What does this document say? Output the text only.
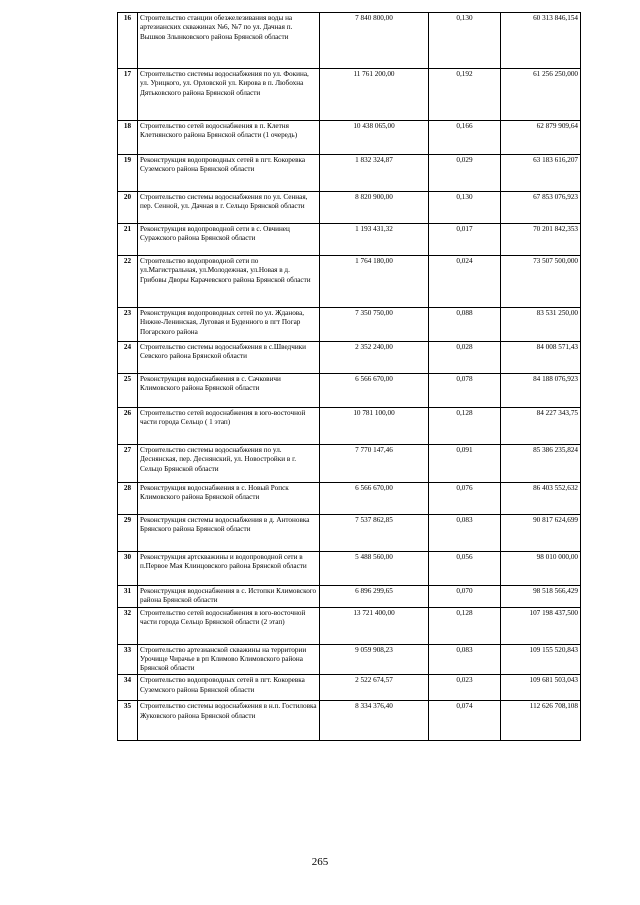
16	Строительство станции обезжелезивания воды на артезианских скважинах №6, №7 по ул. Дачная п. Вышков Злынковского района Брянской области	7 840 800,00	0,130	60 313 846,154
17	Строительство системы водоснабжения по ул. Фокина, ул. Урицкого, ул. Орловской ул. Кирова в п. Любохна Дятьковского района Брянской области	11 761 200,00	0,192	61 256 250,000
18	Строительство сетей водоснабжения в п. Клетня Клетнянского района Брянской области (1 очередь)	10 438 065,00	0,166	62 879 909,64
19	Реконструкция водопроводных сетей в пгт. Кокоревка Суземского района Брянской области	1 832 324,87	0,029	63 183 616,207
20	Строительство системы водоснабжения по ул. Сенная, пер. Сенной, ул. Дачная в г. Сельцо Брянской области	8 820 900,00	0,130	67 853 076,923
21	Реконструкция водопроводной сети в с. Овчинец Суражского района Брянской области	1 193 431,32	0,017	70 201 842,353
22	Строительство водопроводной сети по ул.Магистральная, ул.Молодежная, ул.Новая в д. Грибовы Дворы Карачевского района Брянской области	1 764 180,00	0,024	73 507 500,000
23	Реконструкция водопроводных сетей по ул. Жданова, Нижне-Ленинская, Луговая и Буденного в пгт Погар Погарского района	7 350 750,00	0,088	83 531 250,00
24	Строительство системы водоснабжения в с.Шведчики Севского района Брянской области	2 352 240,00	0,028	84 008 571,43
25	Реконструкция водоснабжения в с. Сачковичи Климовского района Брянской области	6 566 670,00	0,078	84 188 076,923
26	Строительство сетей водоснабжения в юго-восточной части города Сельцо ( 1 этап)	10 781 100,00	0,128	84 227 343,75
27	Строительство системы водоснабжения по ул. Деснянская, пер. Деснянский, ул. Новостройки в г. Сельцо Брянской области	7 770 147,46	0,091	85 386 235,824
28	Реконструкция водоснабжения в с. Новый Ропск Климовского района Брянской области	6 566 670,00	0,076	86 403 552,632
29	Реконструкция системы водоснабжения в д. Антоновка Брянского района Брянской области	7 537 862,85	0,083	90 817 624,699
30	Реконструкция артскважины и водопроводной сети в п.Первое Мая Клинцовского района Брянской области	5 488 560,00	0,056	98 010 000,00
31	Реконструкция водоснабжения в с. Истопки Климовского района Брянской области	6 896 299,65	0,070	98 518 566,429
32	Строительство сетей водоснабжения в юго-восточной части города Сельцо Брянской области (2 этап)	13 721 400,00	0,128	107 198 437,500
33	Строительство артезианской скважины на территории Урочище Чирачье в рп Климово Климовского района Брянской области	9 059 908,23	0,083	109 155 520,843
34	Строительство водопроводных сетей в пгт. Кокоревка Суземского района Брянской области	2 522 674,57	0,023	109 681 503,043
35	Строительство системы водоснабжения в н.п. Гостиловка Жуковского района Брянской области	8 334 376,40	0,074	112 626 708,108
265
